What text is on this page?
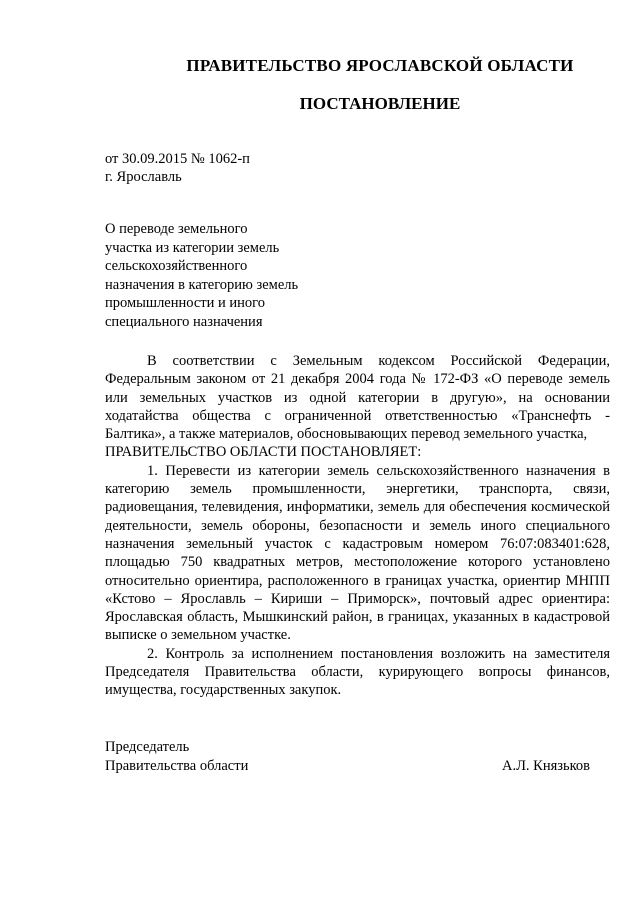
ПРАВИТЕЛЬСТВО ЯРОСЛАВСКОЙ ОБЛАСТИ
ПОСТАНОВЛЕНИЕ
от 30.09.2015 № 1062-п
г. Ярославль
О переводе земельного
участка из категории земель
сельскохозяйственного
назначения в категорию земель
промышленности и иного
специального назначения

В соответствии с Земельным кодексом Российской Федерации, Федеральным законом от 21 декабря 2004 года № 172-ФЗ «О переводе земель или земельных участков из одной категории в другую», на основании ходатайства общества с ограниченной ответственностью «Транснефть - Балтика», а также материалов, обосновывающих перевод земельного участка,

ПРАВИТЕЛЬСТВО ОБЛАСТИ ПОСТАНОВЛЯЕТ:

1. Перевести из категории земель сельскохозяйственного назначения в категорию земель промышленности, энергетики, транспорта, связи, радиовещания, телевидения, информатики, земель для обеспечения космической деятельности, земель обороны, безопасности и земель иного специального назначения земельный участок с кадастровым номером 76:07:083401:628, площадью 750 квадратных метров, местоположение которого установлено относительно ориентира, расположенного в границах участка, ориентир МНПП «Кстово – Ярославль – Кириши – Приморск», почтовый адрес ориентира: Ярославская область, Мышкинский район, в границах, указанных в кадастровой выписке о земельном участке.

2. Контроль за исполнением постановления возложить на заместителя Председателя Правительства области, курирующего вопросы финансов, имущества, государственных закупок.

Председатель
Правительства области	А.Л. Князьков
